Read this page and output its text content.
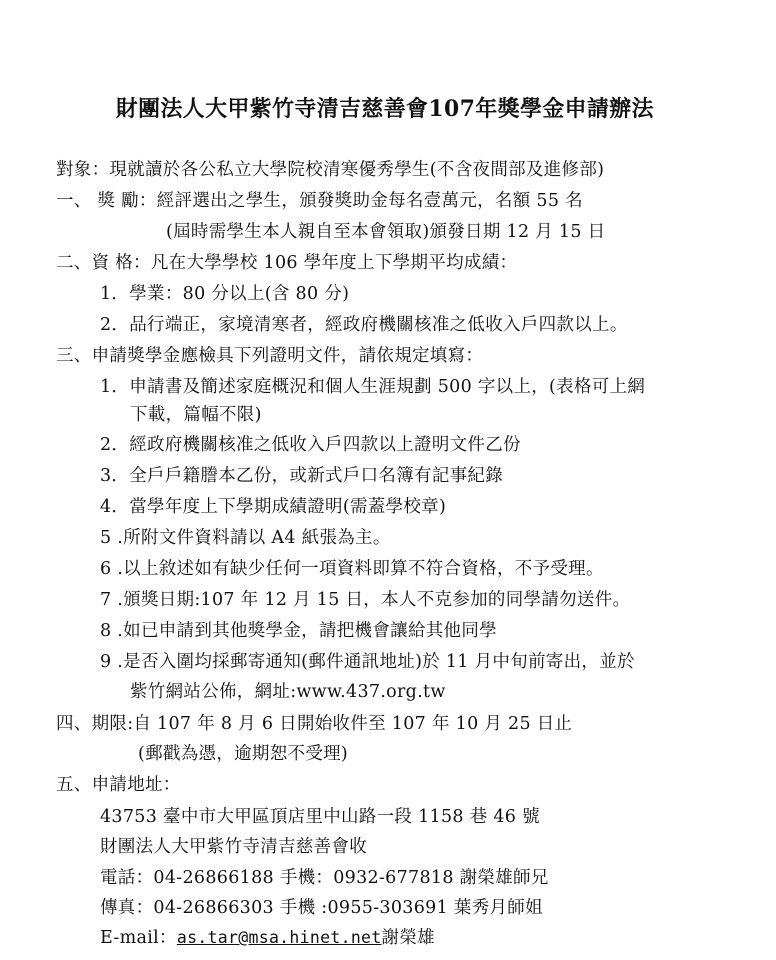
財團法人大甲紫竹寺清吉慈善會107年獎學金申請辦法
對象：現就讀於各公私立大學院校清寒優秀學生(不含夜間部及進修部)
一、 獎 勵：經評選出之學生，頒發獎助金每名壹萬元，名額 55 名
(屆時需學生本人親自至本會領取)頒發日期 12 月 15 日
二、資 格：凡在大學學校 106 學年度上下學期平均成績：
1．學業：80 分以上(含 80 分)
2．品行端正，家境清寒者，經政府機關核准之低收入戶四款以上。
三、申請獎學金應檢具下列證明文件，請依規定填寫：
1．申請書及簡述家庭概況和個人生涯規劃 500 字以上，(表格可上網
下載，篇幅不限)
2．經政府機關核准之低收入戶四款以上證明文件乙份
3．全戶戶籍謄本乙份，或新式戶口名簿有記事紀錄
4．當學年度上下學期成績證明(需蓋學校章)
5 .所附文件資料請以 A4 紙張為主。
6 .以上敘述如有缺少任何一項資料即算不符合資格，不予受理。
7 .頒獎日期:107 年 12 月 15 日，本人不克参加的同學請勿送件。
8 .如已申請到其他獎學金，請把機會讓給其他同學
9 .是否入圍均採郵寄通知(郵件通訊地址)於 11 月中旬前寄出，並於
紫竹網站公佈，網址:www.437.org.tw
四、期限:自 107 年 8 月 6 日開始收件至 107 年 10 月 25 日止
(郵戳為憑，逾期恕不受理)
五、申請地址：
43753 臺中市大甲區頂店里中山路一段 1158 巷 46 號
財團法人大甲紫竹寺清吉慈善會收
電話：04-26866188 手機：0932-677818 謝榮雄師兄
傳真：04-26866303 手機 :0955-303691 葉秀月師姐
E-mail：as.tar@msa.hinet.net謝榮雄
